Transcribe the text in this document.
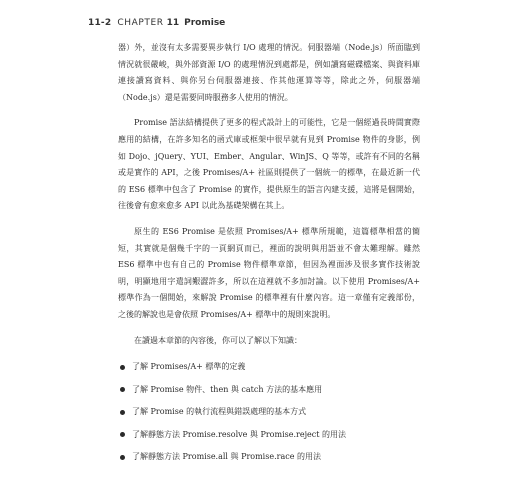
11-2 CHAPTER 11 Promise

器）外，並沒有太多需要異步執行 I/O 處理的情況。伺服器端（Node.js）所面臨到情況就很嚴峻，與外部資源 I/O 的處理情況到處都是，例如讀寫磁碟檔案、與資料庫連接讀寫資料、與你另台伺服器連接、作其他運算等等，除此之外，伺服器端（Node.js）還是需要同時服務多人使用的情況。

Promise 語法結構提供了更多的程式設計上的可能性，它是一個經過長時間實際應用的結構，在許多知名的函式庫或框架中很早就有見到 Promise 物件的身影，例如 Dojo、jQuery、YUI、Ember、Angular、WinJS、Q 等等，或許有不同的名稱或是實作的 API，之後 Promises/A+ 社區則提供了一個統一的標準，在最近新一代的 ES6 標準中包含了 Promise 的實作，提供原生的語言內建支援，這將是個開始，往後會有愈來愈多 API 以此為基礎架構在其上。

原生的 ES6 Promise 是依照 Promises/A+ 標準所規範，這篇標準相當的簡短，其實就是個幾千字的一頁網頁而已，裡面的說明與用語並不會太難理解。雖然 ES6 標準中也有自己的 Promise 物件標準章節，但因為裡面涉及很多實作技術說明，明顯地用字遣詞艱澀許多，所以在這裡就不多加討論。以下使用 Promises/A+ 標準作為一個開始，來解說 Promise 的標準裡有什麼內容。這一章僅有定義部份，之後的解說也是會依照 Promises/A+ 標準中的規則來說明。

在讀過本章節的內容後，你可以了解以下知識：

了解 Promises/A+ 標準的定義
了解 Promise 物件、then 與 catch 方法的基本應用
了解 Promise 的執行流程與錯誤處理的基本方式
了解靜態方法 Promise.resolve 與 Promise.reject 的用法
了解靜態方法 Promise.all 與 Promise.race 的用法
